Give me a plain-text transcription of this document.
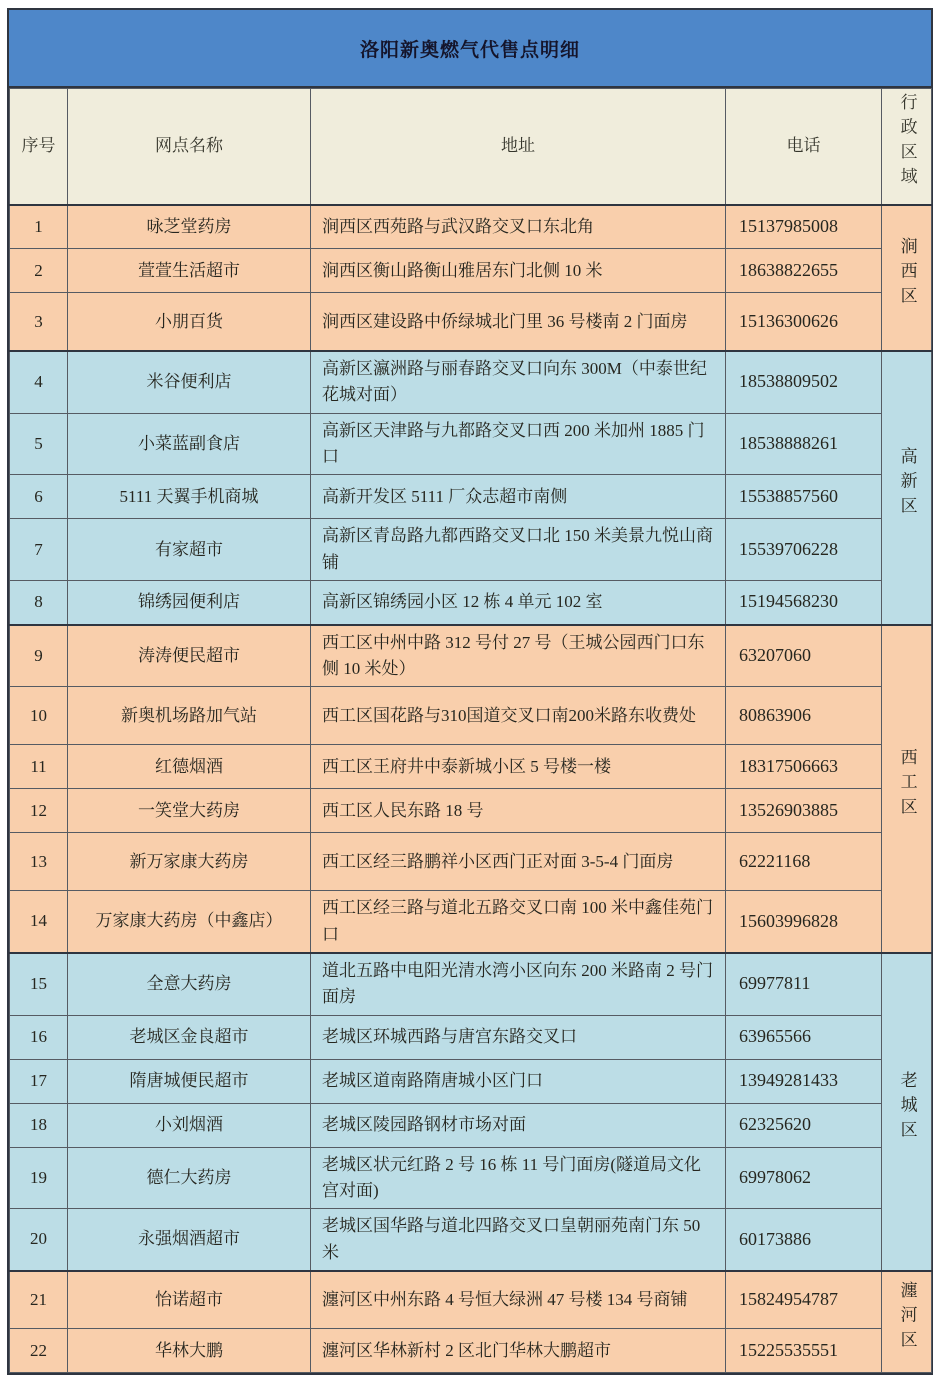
洛阳新奥燃气代售点明细
序号	网点名称	地址	电话	行政区域
1	咏芝堂药房	涧西区西苑路与武汉路交叉口东北角	15137985008	涧西区
2	萱萱生活超市	涧西区衡山路衡山雅居东门北侧 10 米	18638822655	
3	小朋百货	涧西区建设路中侨绿城北门里 36 号楼南 2 门面房	15136300626	
4	米谷便利店	高新区瀛洲路与丽春路交叉口向东 300M（中泰世纪花城对面）	18538809502	高新区
5	小菜蓝副食店	高新区天津路与九都路交叉口西 200 米加州 1885 门口	18538888261	
6	5111 天翼手机商城	高新开发区 5111 厂众志超市南侧	15538857560	
7	有家超市	高新区青岛路九都西路交叉口北 150 米美景九悦山商铺	15539706228	
8	锦绣园便利店	高新区锦绣园小区 12 栋 4 单元 102 室	15194568230	
9	涛涛便民超市	西工区中州中路 312 号付 27 号（王城公园西门口东侧 10 米处）	63207060	西工区
10	新奥机场路加气站	西工区国花路与310国道交叉口南200米路东收费处	80863906	
11	红德烟酒	西工区王府井中泰新城小区 5 号楼一楼	18317506663	
12	一笑堂大药房	西工区人民东路 18 号	13526903885	
13	新万家康大药房	西工区经三路鹏祥小区西门正对面 3-5-4 门面房	62221168	
14	万家康大药房（中鑫店）	西工区经三路与道北五路交叉口南 100 米中鑫佳苑门口	15603996828	
15	全意大药房	道北五路中电阳光清水湾小区向东 200 米路南 2 号门面房	69977811	老城区
16	老城区金良超市	老城区环城西路与唐宫东路交叉口	63965566	
17	隋唐城便民超市	老城区道南路隋唐城小区门口	13949281433	
18	小刘烟酒	老城区陵园路钢材市场对面	62325620	
19	德仁大药房	老城区状元红路 2 号 16 栋 11 号门面房(隧道局文化宫对面)	69978062	
20	永强烟酒超市	老城区国华路与道北四路交叉口皇朝丽苑南门东 50 米	60173886	
21	怡诺超市	瀍河区中州东路 4 号恒大绿洲 47 号楼 134 号商铺	15824954787	瀍河区
22	华林大鹏	瀍河区华林新村 2 区北门华林大鹏超市	15225535551	
